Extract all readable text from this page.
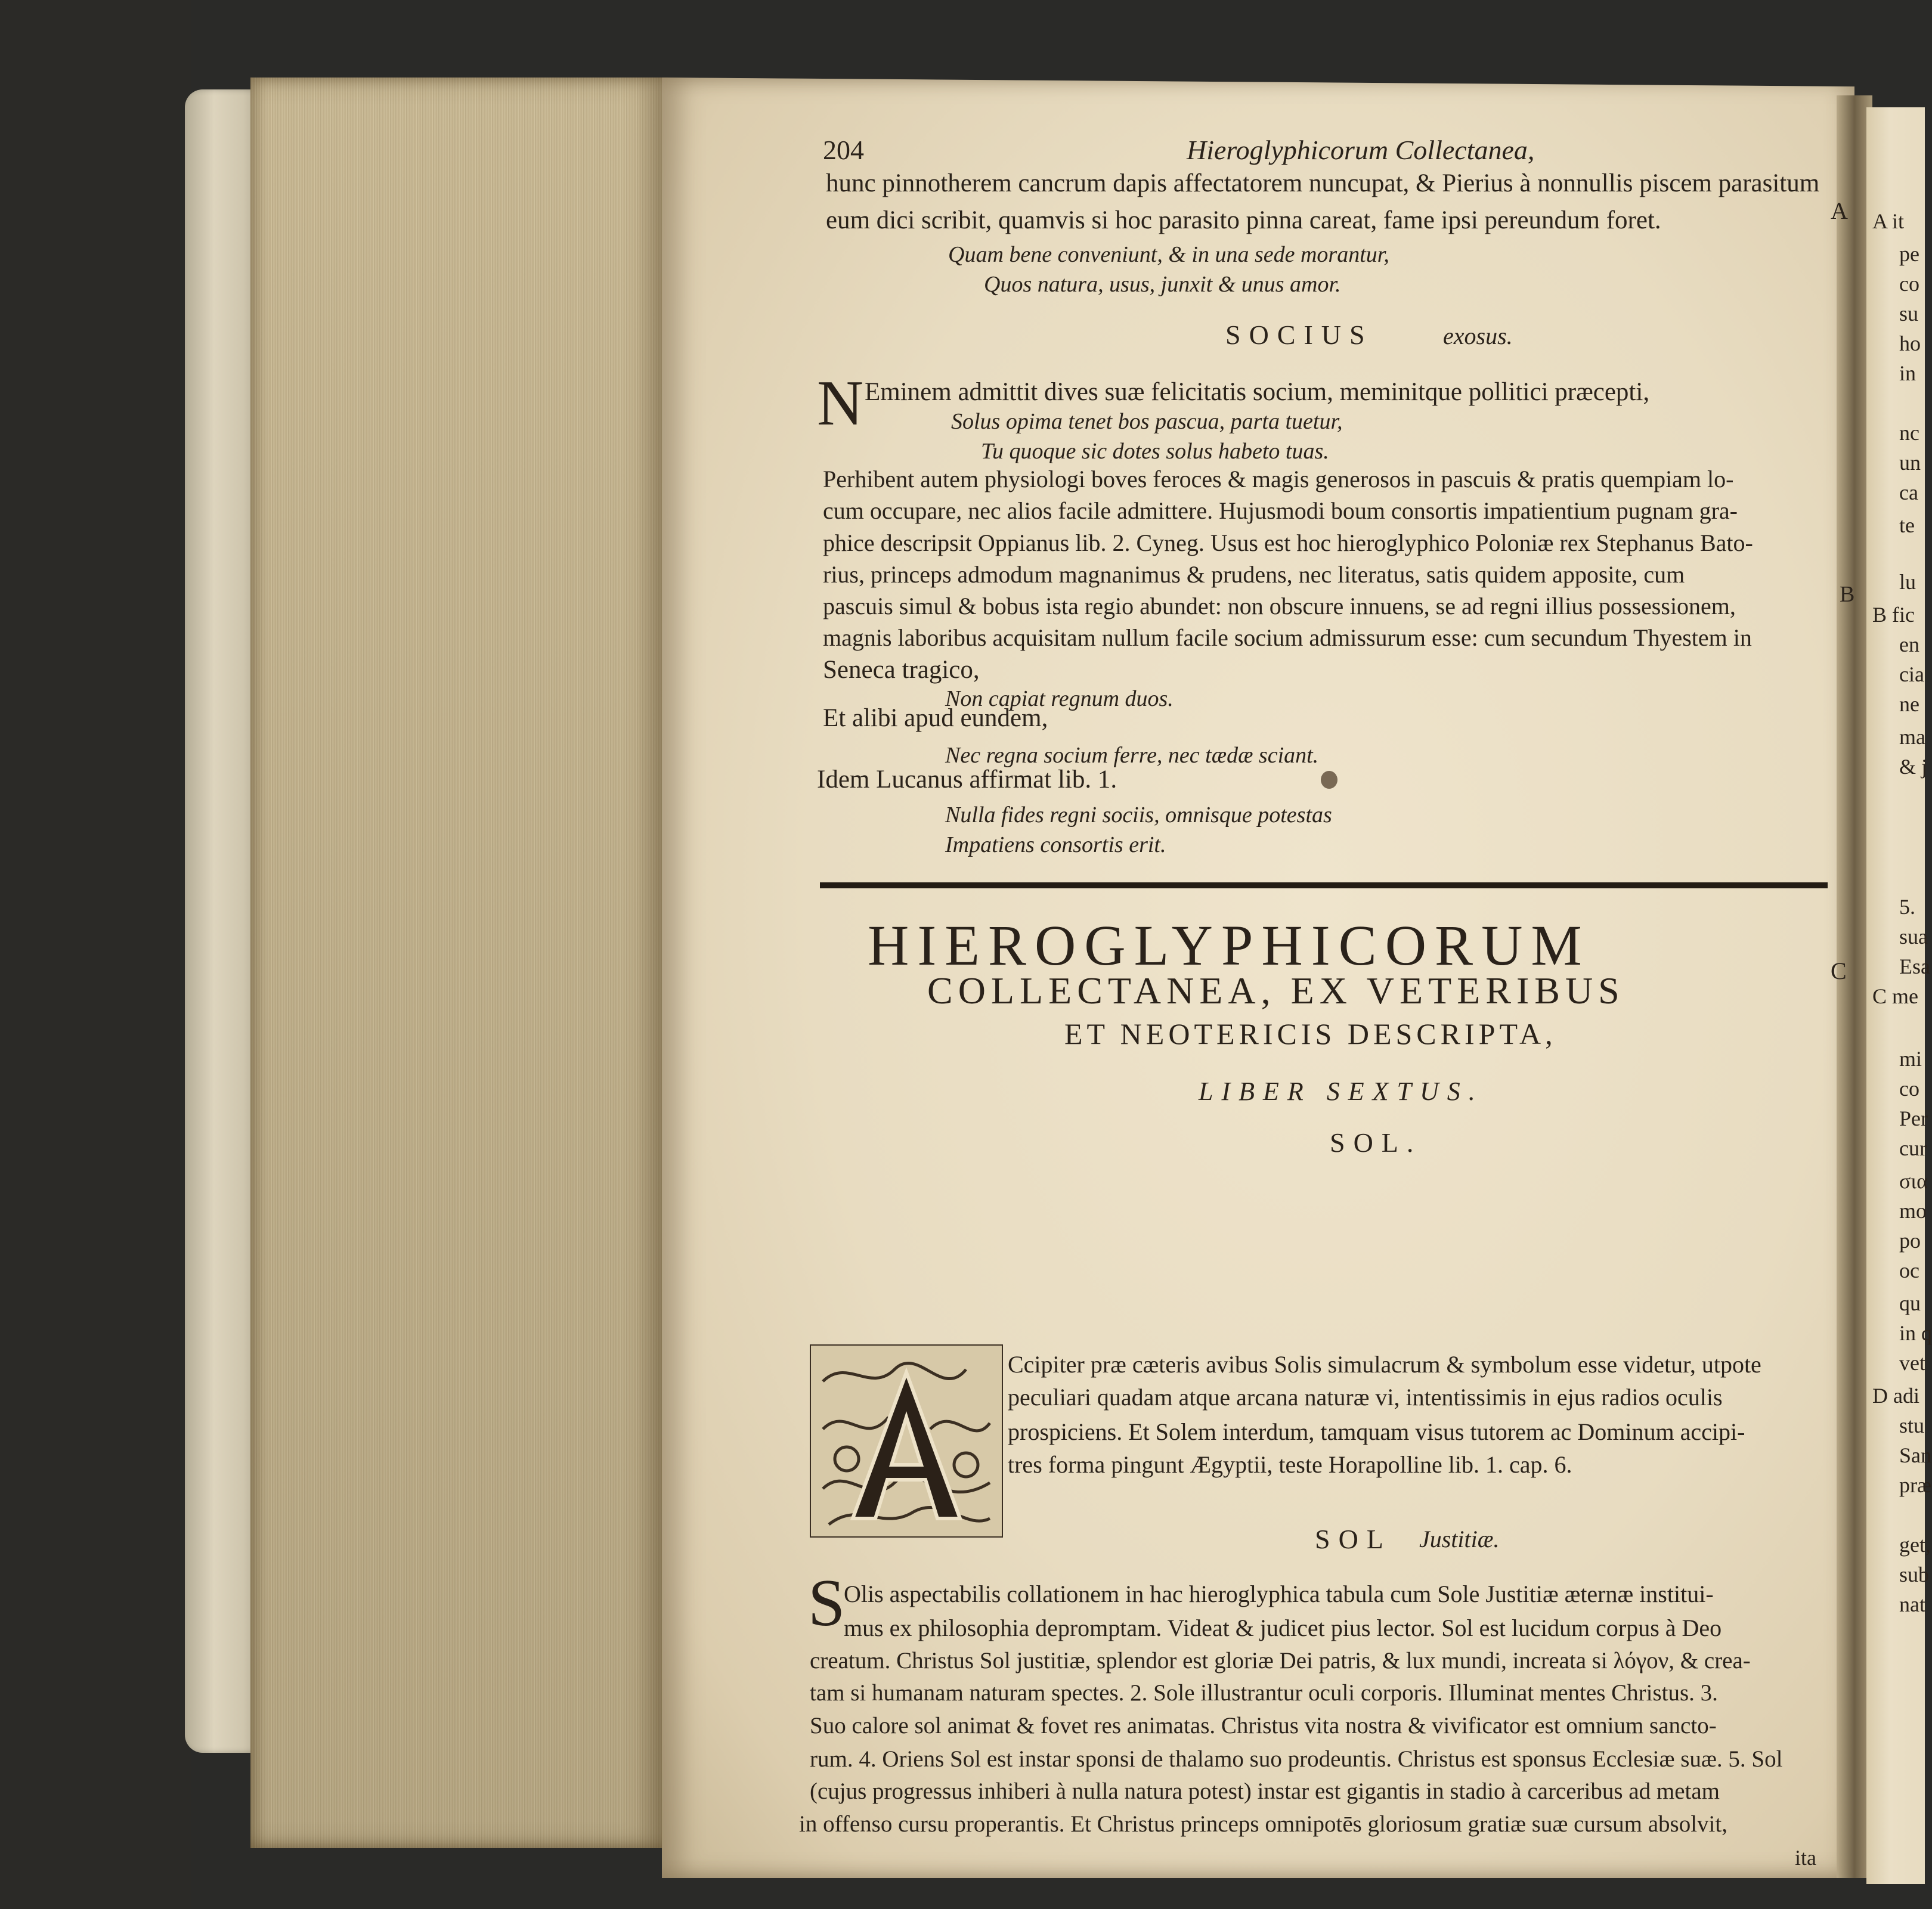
204	Hieroglyphicorum Collectanea,
A
B
C
hunc pinnotherem cancrum dapis affectatorem nuncupat, & Pierius à nonnullis piscem parasitum
eum dici scribit, quamvis si hoc parasito pinna careat, fame ipsi pereundum foret.
Quam bene conveniunt, & in una sede morantur,
Quos natura, usus, junxit & unus amor.
SOCIUS	exosus.
N Eminem admittit dives suæ felicitatis socium, meminitque pollitici præcepti,
Solus opima tenet bos pascua, parta tuetur,
Tu quoque sic dotes solus habeto tuas.
Perhibent autem physiologi boves feroces & magis generosos in pascuis & pratis quempiam lo-
cum occupare, nec alios facile admittere. Hujusmodi boum consortis impatientium pugnam gra-
phice descripsit Oppianus lib. 2. Cyneg. Usus est hoc hieroglyphico Poloniæ rex Stephanus Bato-
rius, princeps admodum magnanimus & prudens, nec literatus, satis quidem apposite, cum
pascuis simul & bobus ista regio abundet: non obscure innuens, se ad regni illius possessionem,
magnis laboribus acquisitam nullum facile socium admissurum esse: cum secundum Thyestem in
Seneca tragico,
Non capiat regnum duos.
Et alibi apud eundem,
Nec regna socium ferre, nec tædæ sciant.
Idem Lucanus affirmat lib. 1.
Nulla fides regni sociis, omnisque potestas
Impatiens consortis erit.
HIEROGLYPHICORUM
COLLECTANEA, EX VETERIBUS
ET NEOTERICIS DESCRIPTA,
LIBER SEXTUS.
SOL.
Ccipiter præ cæteris avibus Solis simulacrum & symbolum esse videtur, utpote
peculiari quadam atque arcana naturæ vi, intentissimis in ejus radios oculis
prospiciens. Et Solem interdum, tamquam visus tutorem ac Dominum accipi-
tres forma pingunt Ægyptii, teste Horapolline lib. 1. cap. 6.
SOL Justitiæ.
S
Olis aspectabilis collationem in hac hieroglyphica tabula cum Sole Justitiæ æternæ institui-
mus ex philosophia depromptam. Videat & judicet pius lector. Sol est lucidum corpus à Deo
creatum. Christus Sol justitiæ, splendor est gloriæ Dei patris, & lux mundi, increata si λόγον, & crea-
tam si humanam naturam spectes. 2. Sole illustrantur oculi corporis. Illuminat mentes Christus. 3.
Suo calore sol animat & fovet res animatas. Christus vita nostra & vivificator est omnium sancto-
rum. 4. Oriens Sol est instar sponsi de thalamo suo prodeuntis. Christus est sponsus Ecclesiæ suæ. 5. Sol
(cujus progressus inhiberi à nulla natura potest) instar est gigantis in stadio à carceribus ad metam
in offenso cursu properantis. Et Christus princeps omnipotēs gloriosum gratiæ suæ cursum absolvit,
ita
A it
pe
co
su
ho
in
nc
un
ca
te
lu
B fic
en
cia
ne
ma
& j
5.
sua
Esa
C me
mi
co
Per
cur
σια
mo
po
oc
qu
in q
vet
D adi
stu
San
præ
get,
sub
nat
